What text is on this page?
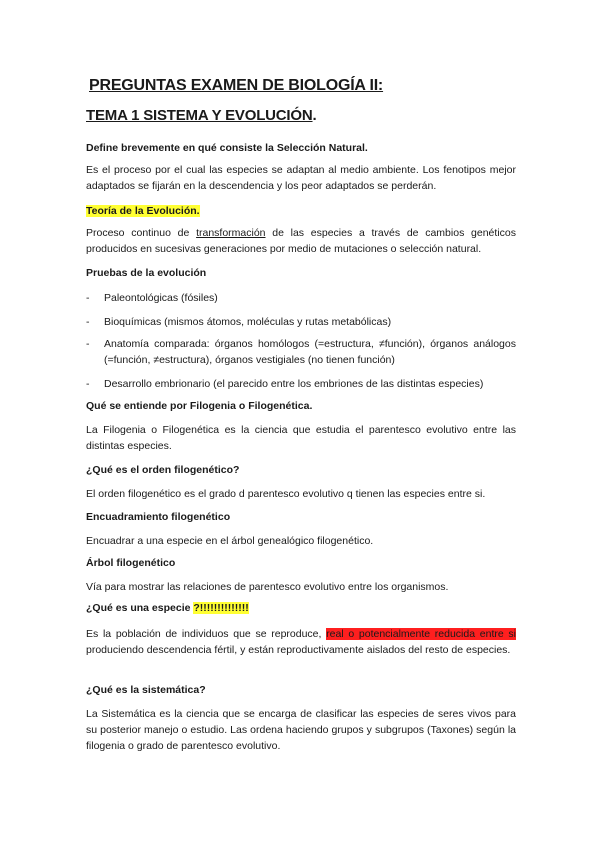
PREGUNTAS EXAMEN DE BIOLOGÍA II:
TEMA 1 SISTEMA Y EVOLUCIÓN.
Define brevemente en qué consiste la Selección Natural.
Es el proceso por el cual las especies se adaptan al medio ambiente. Los fenotipos mejor adaptados se fijarán en la descendencia y los peor adaptados se perderán.
Teoría de la Evolución.
Proceso continuo de transformación de las especies a través de cambios genéticos producidos en sucesivas generaciones por medio de mutaciones o selección natural.
Pruebas de la evolución
- Paleontológicas (fósiles)
- Bioquímicas (mismos átomos, moléculas y rutas metabólicas)
- Anatomía comparada: órganos homólogos (=estructura, ≠función), órganos análogos (=función, ≠estructura), órganos vestigiales (no tienen función)
- Desarrollo embrionario (el parecido entre los embriones de las distintas especies)
Qué se entiende por Filogenia o Filogenética.
La Filogenia o Filogenética es la ciencia que estudia el parentesco evolutivo entre las distintas especies.
¿Qué es el orden filogenético?
El orden filogenético es el grado d parentesco evolutivo q tienen las especies entre si.
Encuadramiento filogenético
Encuadrar a una especie en el árbol genealógico filogenético.
Árbol filogenético
Vía para mostrar las relaciones de parentesco evolutivo entre los organismos.
¿Qué es una especie ?!!!!!!!!!!!!!!
Es la población de individuos que se reproduce, real o potencialmente reducida entre si produciendo descendencia fértil, y están reproductivamente aislados del resto de especies.
¿Qué es la sistemática?
La Sistemática es la ciencia que se encarga de clasificar las especies de seres vivos para su posterior manejo o estudio. Las ordena haciendo grupos y subgrupos (Taxones) según la filogenia o grado de parentesco evolutivo.
